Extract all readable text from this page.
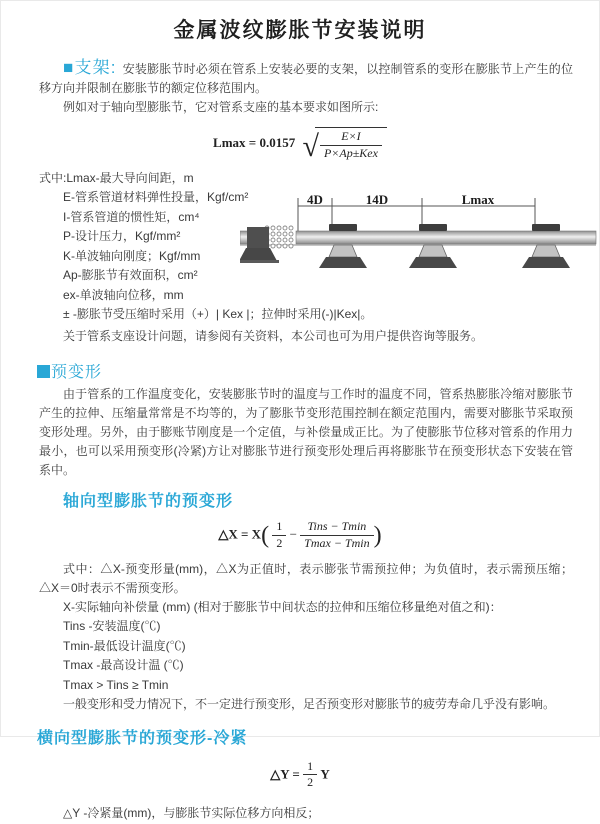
金属波纹膨胀节安装说明

■支架: 安装膨胀节时必须在管系上安装必要的支架，以控制管系的变形在膨胀节上产生的位移方向并限制在膨胀节的额定位移范围内。

例如对于轴向型膨胀节，它对管系支座的基本要求如图所示:

Lmax = 0.0157 √ $\frac{E\times I}{\text{P×Ap±Kex}}$
式中:Lmax-最大导向间距，m
E-管系管道材料弹性投量，Kgf/cm²
I-管系管道的惯性矩，cm⁴
P-设计压力，Kgf/mm²
K-单波轴向刚度；Kgf/mm
Ap-膨胀节有效面积，cm²
ex-单波轴向位移，mm
± -膨胀节受压缩时采用（+）| Kex |；拉伸时采用(-)|Kex|。
关于管系支座设计问题，请参阅有关资料，本公司也可为用户提供咨询等服务。
4D	14D	Lmax
预变形

由于管系的工作温度变化，安装膨胀节时的温度与工作时的温度不同，管系热膨胀冷缩对膨胀节产生的拉伸、压缩量常常是不均等的，为了膨胀节变形范围控制在额定范围内，需要对膨胀节采取预变形处理。另外，由于膨账节刚度是一个定值，与补偿量成正比。为了使膨胀节位移对管系的作用力最小，也可以采用预变形(冷紧)方让对膨胀节进行预变形处理后再将膨胀节在预变形状态下安装在管系中。

轴向型膨胀节的预变形
△X = $X( \frac{1}{2} - \frac{\text{Tins − Tmin}}{Tmax - Tmin}$ )

式中：△X-预变形量(mm)，△X为正值时，表示膨张节需预拉伸；为负值时，表示需预压缩；△X＝0时表示不需预变形。

X-实际轴向补偿量 (mm) (相对于膨胀节中间状态的拉伸和压缩位移量绝对值之和)：
Tins -安装温度(℃)
Tmin-最低设计温度(℃)
Tmax -最高设计温 (℃)
Tmax > Tins ≥ Tmin
一般变形和受力情况下，不一定进行预变形，足否预变形对膨胀节的疲劳寿命几乎没有影响。
横向型膨胀节的预变形-冷紧
△Y = $\frac{1}{2}$ Y
△Y -冷紧量(mm)，与膨胀节实际位移方向相反；
